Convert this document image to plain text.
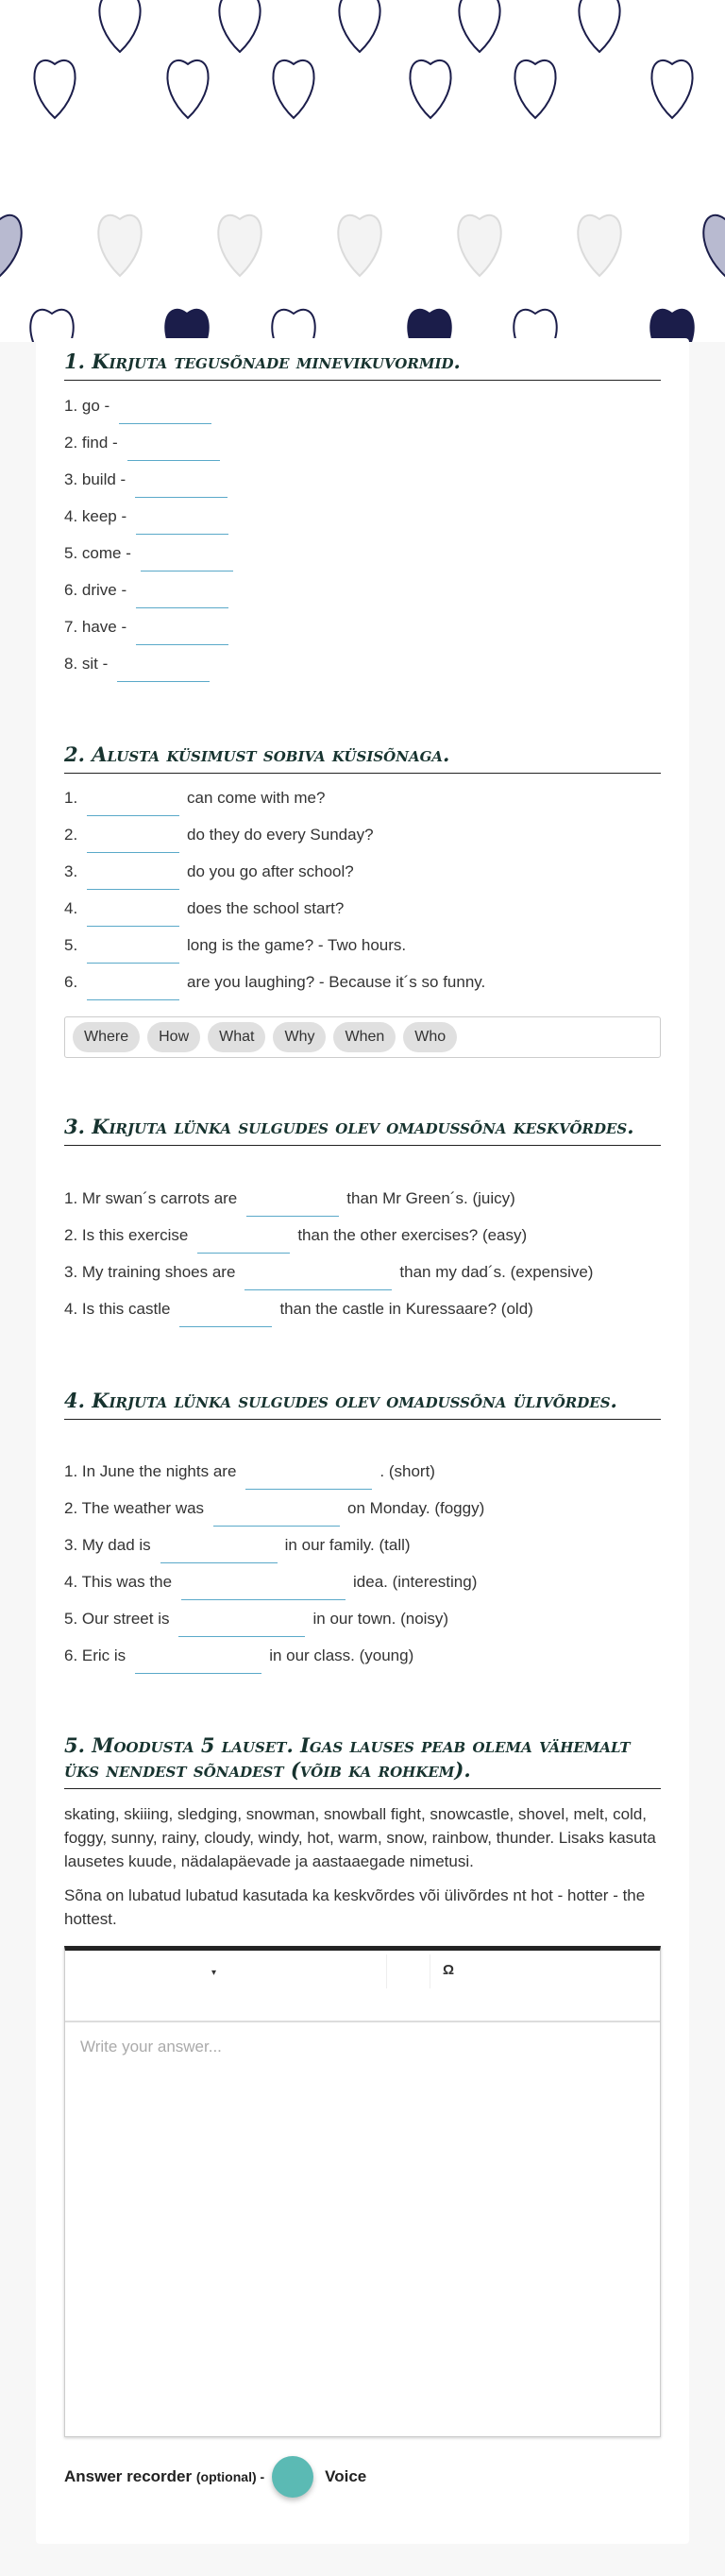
1. Kirjuta tegusõnade minevikuvormid.
1. go -
2. find -
3. build -
4. keep -
5. come -
6. drive -
7. have -
8. sit -
2. Alusta küsimust sobiva küsisõnaga.
1.	can come with me?
2.	do they do every Sunday?
3.	do you go after school?
4.	does the school start?
5.	long is the game? - Two hours.
6.	are you laughing? - Because it´s so funny.
Where	How	What	Why	When	Who
3. Kirjuta lünka sulgudes olev omadussõna keskvõrdes.
1. Mr swan´s carrots are	than Mr Green´s. (juicy)
2. Is this exercise	than the other exercises? (easy)
3. My training shoes are	than my dad´s. (expensive)
4. Is this castle	than the castle in Kuressaare? (old)
4. Kirjuta lünka sulgudes olev omadussõna ülivõrdes.
1. In June the nights are	. (short)
2. The weather was	on Monday. (foggy)
3. My dad is	in our family. (tall)
4. This was the	idea. (interesting)
5. Our street is	in our town. (noisy)
6. Eric is	in our class. (young)
5. Moodusta 5 lauset. Igas lauses peab olema vähemalt üks nendest sõnadest (võib ka rohkem).

skating, skiiing, sledging, snowman, snowball fight, snowcastle, shovel, melt, cold, foggy, sunny, rainy, cloudy, windy, hot, warm, snow, rainbow, thunder. Lisaks kasuta lausetes kuude, nädalapäevade ja aastaaegade nimetusi.

Sõna on lubatud lubatud kasutada ka keskvõrdes või ülivõrdes nt hot - hotter - the hottest.

▾	Ω
Write your answer...
Answer recorder
(optional) -	Voice
